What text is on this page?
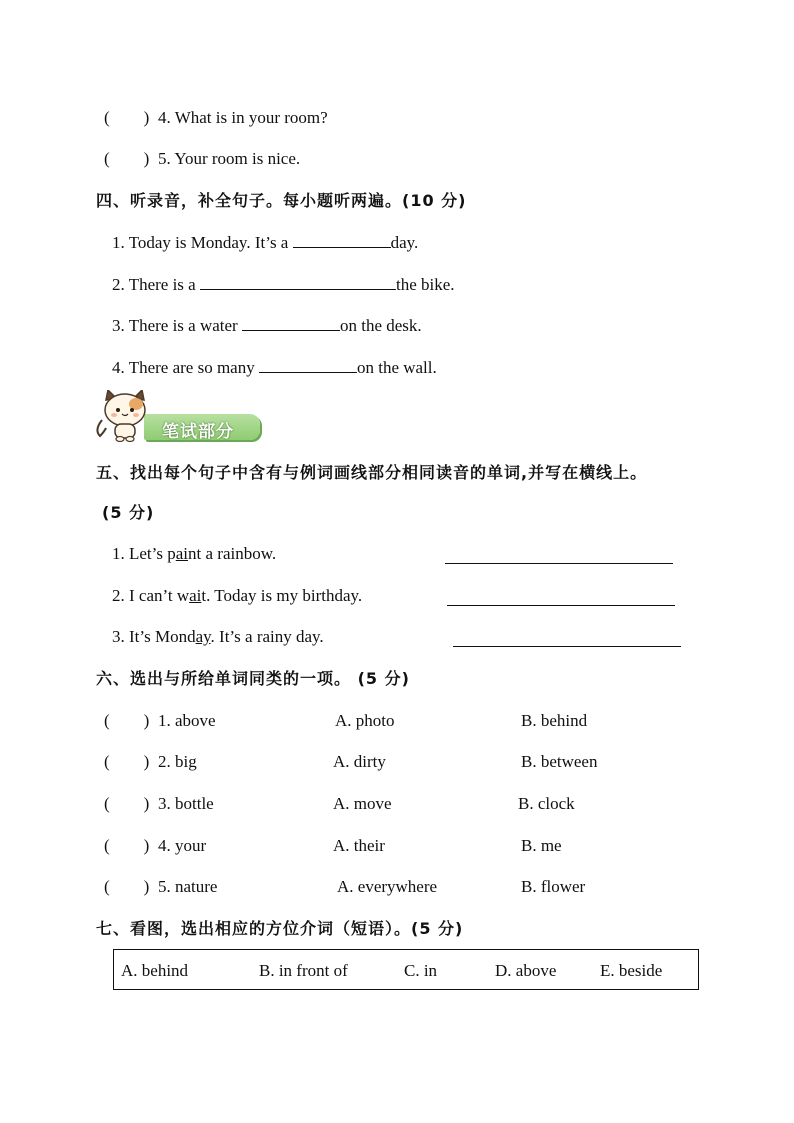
( ) 4. What is in your room?
( ) 5. Your room is nice.
四、听录音，补全句子。每小题听两遍。(10 分)
1. Today is Monday. It’s a	day.
2. There is a	the bike.
3. There is a water	on the desk.
4. There are so many	on the wall.
笔试部分
五、找出每个句子中含有与例词画线部分相同读音的单词,并写在横线上。
(5 分)
1. Let’s paint a rainbow.
2. I can’t wait. Today is my birthday.
3. It’s Monday. It’s a rainy day.
六、选出与所给单词同类的一项。 (5 分)
( ) 1. above	A. photo	B. behind
( ) 2. big	A. dirty	B. between
( ) 3. bottle	A. move	B. clock
( ) 4. your	A. their	B. me
( ) 5. nature	A. everywhere	B. flower
七、看图，选出相应的方位介词（短语）。(5 分)
A. behind	B. in front of	C. in	D. above	E. beside
